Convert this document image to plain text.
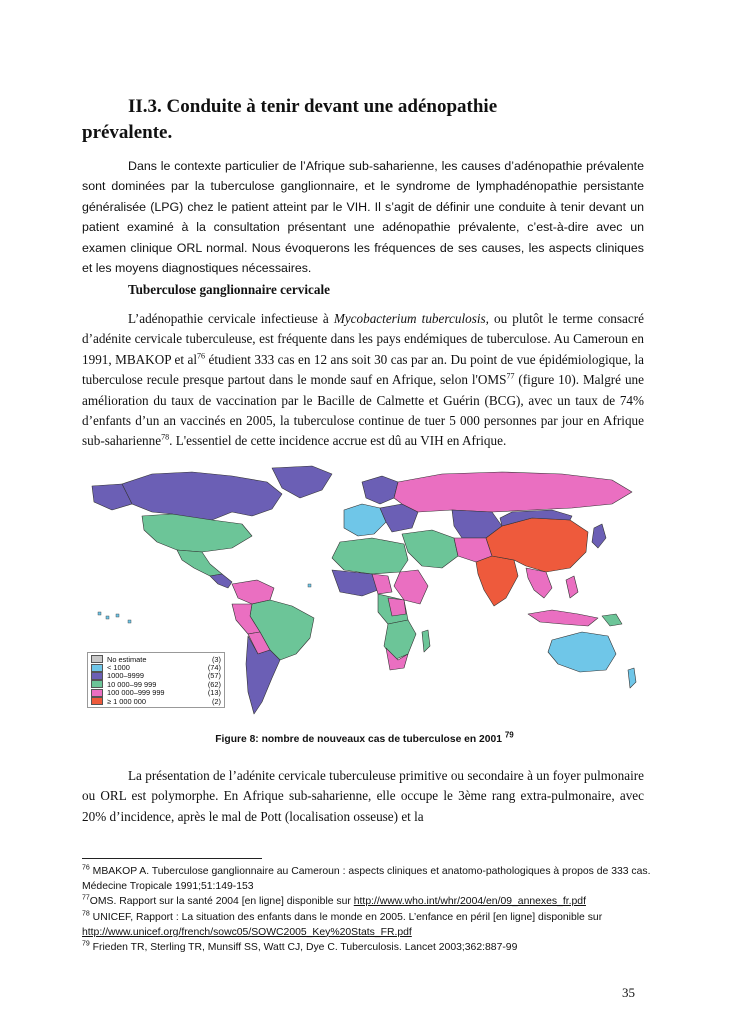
II.3. Conduite à tenir devant une adénopathie
prévalente.
Dans le contexte particulier de l’Afrique sub-saharienne, les causes d’adénopathie prévalente sont dominées par la tuberculose ganglionnaire, et le syndrome de lymphadénopathie persistante généralisée (LPG) chez le patient atteint par le VIH. Il s’agit de définir une conduite à tenir devant un patient examiné à la consultation présentant une adénopathie prévalente, c’est-à-dire avec un examen clinique ORL normal. Nous évoquerons les fréquences de ses causes, les aspects cliniques et les moyens diagnostiques nécessaires.
Tuberculose ganglionnaire cervicale
L’adénopathie cervicale infectieuse à Mycobacterium tuberculosis, ou plutôt le terme consacré d’adénite cervicale tuberculeuse, est fréquente dans les pays endémiques de tuberculose. Au Cameroun en 1991, MBAKOP et $al^{76}$ étudient 333 cas en 12 ans soit 30 cas par an. Du point de vue épidémiologique, la tuberculose recule presque partout dans le monde sauf en Afrique, selon l'OMS$^{77}$ (figure 10). Malgré une amélioration du taux de vaccination par le Bacille de Calmette et Guérin (BCG), avec un taux de 74% d’enfants d’un an vaccinés en 2005, la tuberculose continue de tuer 5 000 personnes par jour en Afrique sub-saharienne$^{78}$. L'essentiel de cette incidence accrue est dû au VIH en Afrique.
No estimate	(3)
< 1000	(74)
1000–9999	(57)
10 000–99 999	(62)
100 000–999 999	(13)
≥ 1 000 000	(2)
Figure 8: nombre de nouveaux cas de tuberculose en 2001 $^{79}$
La présentation de l’adénite cervicale tuberculeuse primitive ou secondaire à un foyer pulmonaire ou ORL est polymorphe. En Afrique sub-saharienne, elle occupe le 3ème rang extra-pulmonaire, avec 20% d’incidence, après le mal de Pott (localisation osseuse) et la
$^{76}$ MBAKOP A. Tuberculose ganglionnaire au Cameroun : aspects cliniques et anatomo-pathologiques à propos de 333 cas. Médecine Tropicale 1991;51:149-153
$^{77}$OMS. Rapport sur la santé 2004 [en ligne] disponible sur http://www.who.int/whr/2004/en/09_annexes_fr.pdf
$^{78}$ UNICEF, Rapport : La situation des enfants dans le monde en 2005. L’enfance en péril [en ligne] disponible sur http://www.unicef.org/french/sowc05/SOWC2005_Key%20Stats_FR.pdf
$^{79}$ Frieden TR, Sterling TR, Munsiff SS, Watt CJ, Dye C. Tuberculosis. Lancet 2003;362:887-99
35
